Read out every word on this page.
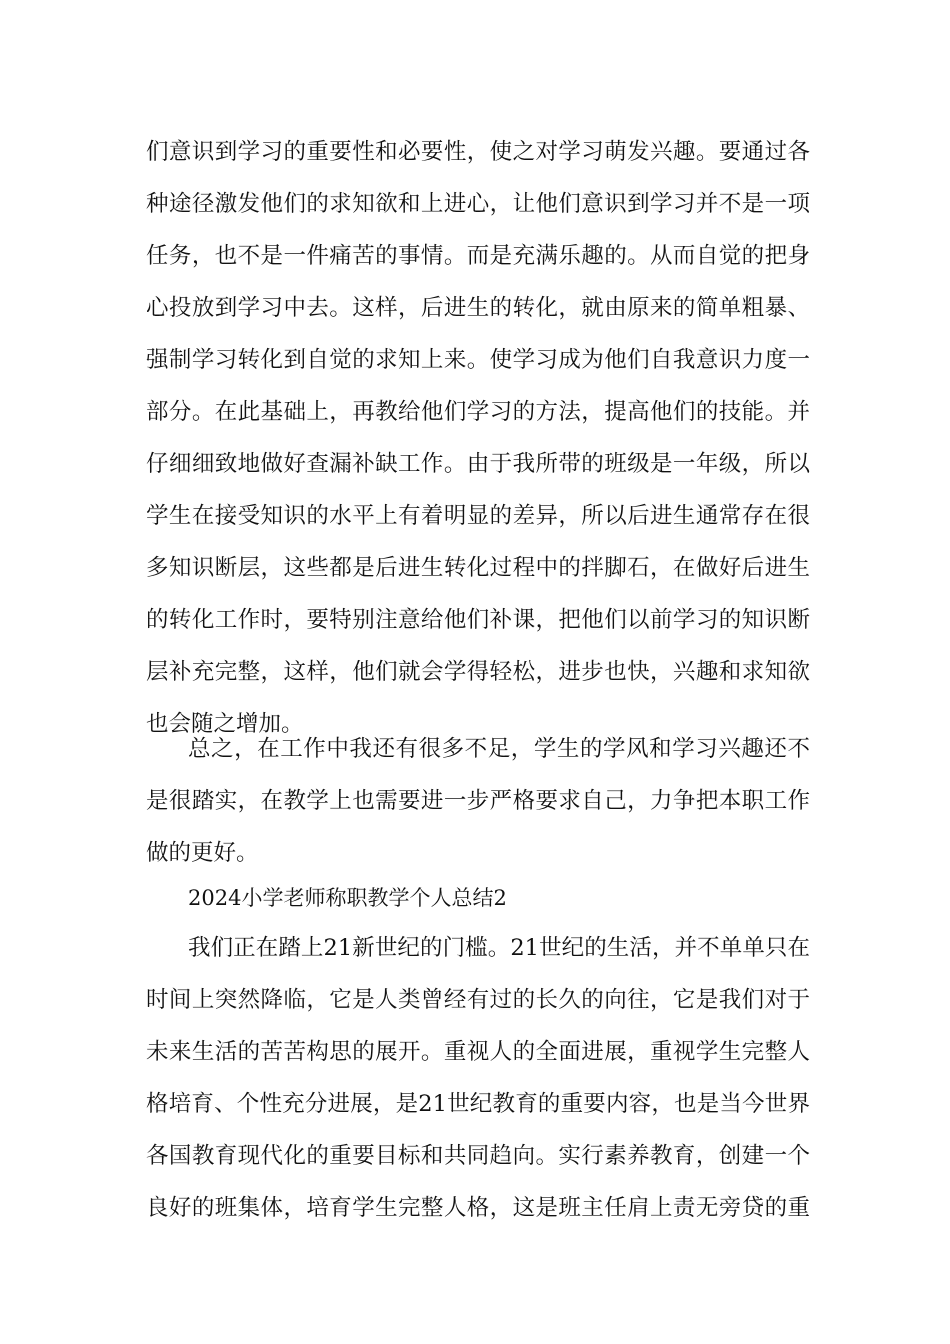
们意识到学习的重要性和必要性，使之对学习萌发兴趣。要通过各
种途径激发他们的求知欲和上进心，让他们意识到学习并不是一项
任务，也不是一件痛苦的事情。而是充满乐趣的。从而自觉的把身
心投放到学习中去。这样，后进生的转化，就由原来的简单粗暴、
强制学习转化到自觉的求知上来。使学习成为他们自我意识力度一
部分。在此基础上，再教给他们学习的方法，提高他们的技能。并
仔细细致地做好查漏补缺工作。由于我所带的班级是一年级，所以
学生在接受知识的水平上有着明显的差异，所以后进生通常存在很
多知识断层，这些都是后进生转化过程中的拌脚石，在做好后进生
的转化工作时，要特别注意给他们补课，把他们以前学习的知识断
层补充完整，这样，他们就会学得轻松，进步也快，兴趣和求知欲
也会随之增加。
总之，在工作中我还有很多不足，学生的学风和学习兴趣还不
是很踏实，在教学上也需要进一步严格要求自己，力争把本职工作
做的更好。
2024小学老师称职教学个人总结2
我们正在踏上21新世纪的门槛。21世纪的生活，并不单单只在
时间上突然降临，它是人类曾经有过的长久的向往，它是我们对于
未来生活的苦苦构思的展开。重视人的全面进展，重视学生完整人
格培育、个性充分进展，是21世纪教育的重要内容，也是当今世界
各国教育现代化的重要目标和共同趋向。实行素养教育，创建一个
良好的班集体，培育学生完整人格，这是班主任肩上责无旁贷的重
